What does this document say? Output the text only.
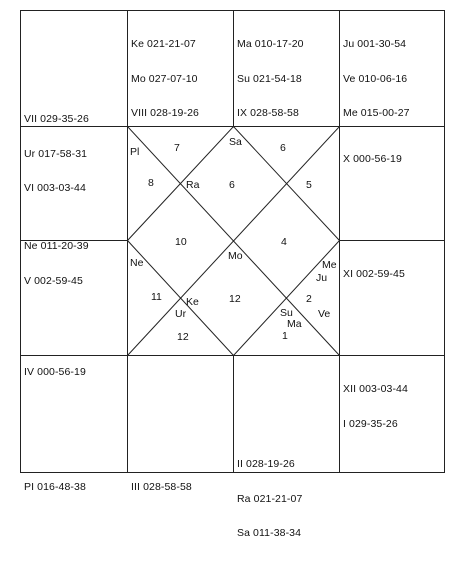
7	6
8	6	5
10	4
11	12	2
12	1
Pl
Sa
Ra
Ne
Mo
Me
Ju
Ke
Ur	Su
Ma
Ve

VII 029-35-26

Ur 017-58-31

VI 003-03-44

Ke 021-21-07

Mo 027-07-10

VIII 028-19-26

Ma 010-17-20

Su 021-54-18

IX 028-58-58

Ju 001-30-54

Ve 010-06-16

Me 015-00-27

Ne 011-20-39

V 002-59-45

X 000-56-19

IV 000-56-19

XI 002-59-45

PI 016-48-38

	III 028-58-58

II 028-19-26

Ra 021-21-07

Sa 011-38-34

XII 003-03-44

I 029-35-26
